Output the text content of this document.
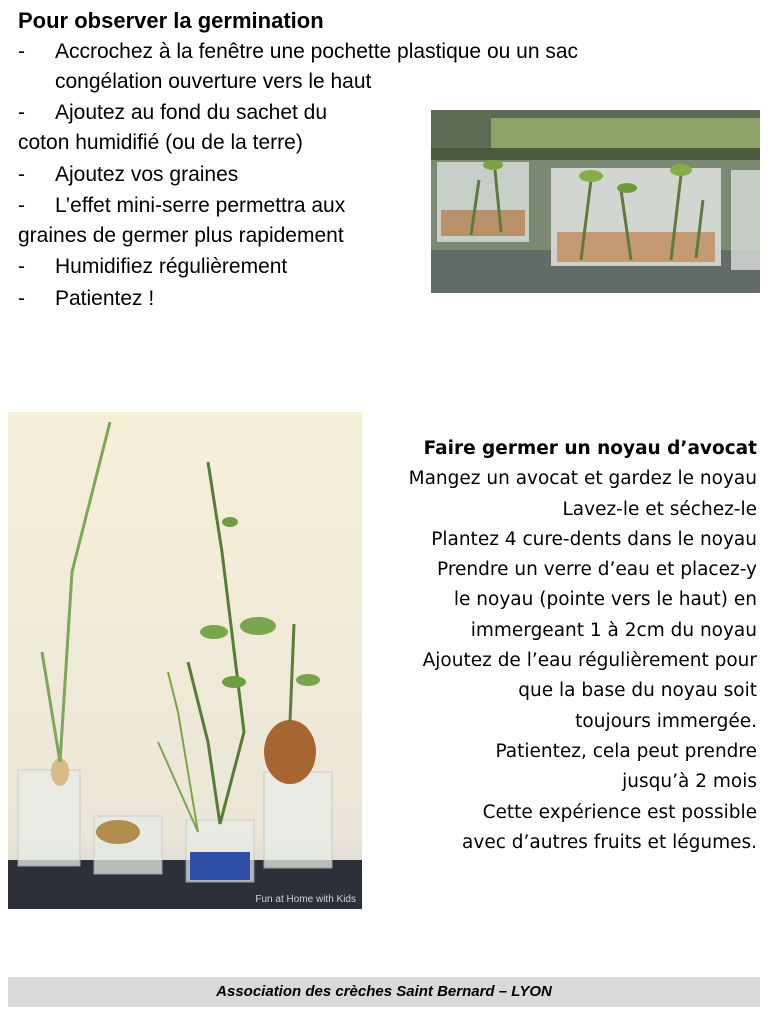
Pour observer la germination
- Accrochez à la fenêtre une pochette plastique ou un sac
congélation ouverture vers le haut
- Ajoutez au fond du sachet du
coton humidifié (ou de la terre)
- Ajoutez vos graines
- L’effet mini-serre permettra aux
graines de germer plus rapidement
- Humidifiez régulièrement
- Patientez !
Fun at Home with Kids
Faire germer un noyau d’avocat
Mangez un avocat et gardez le noyau
Lavez-le et séchez-le
Plantez 4 cure-dents dans le noyau
Prendre un verre d’eau et placez-y
le noyau (pointe vers le haut) en
immergeant 1 à 2cm du noyau
Ajoutez de l’eau régulièrement pour
que la base du noyau soit
toujours immergée.
Patientez, cela peut prendre
jusqu’à 2 mois
Cette expérience est possible
avec d’autres fruits et légumes.
Association des crèches Saint Bernard – LYON
